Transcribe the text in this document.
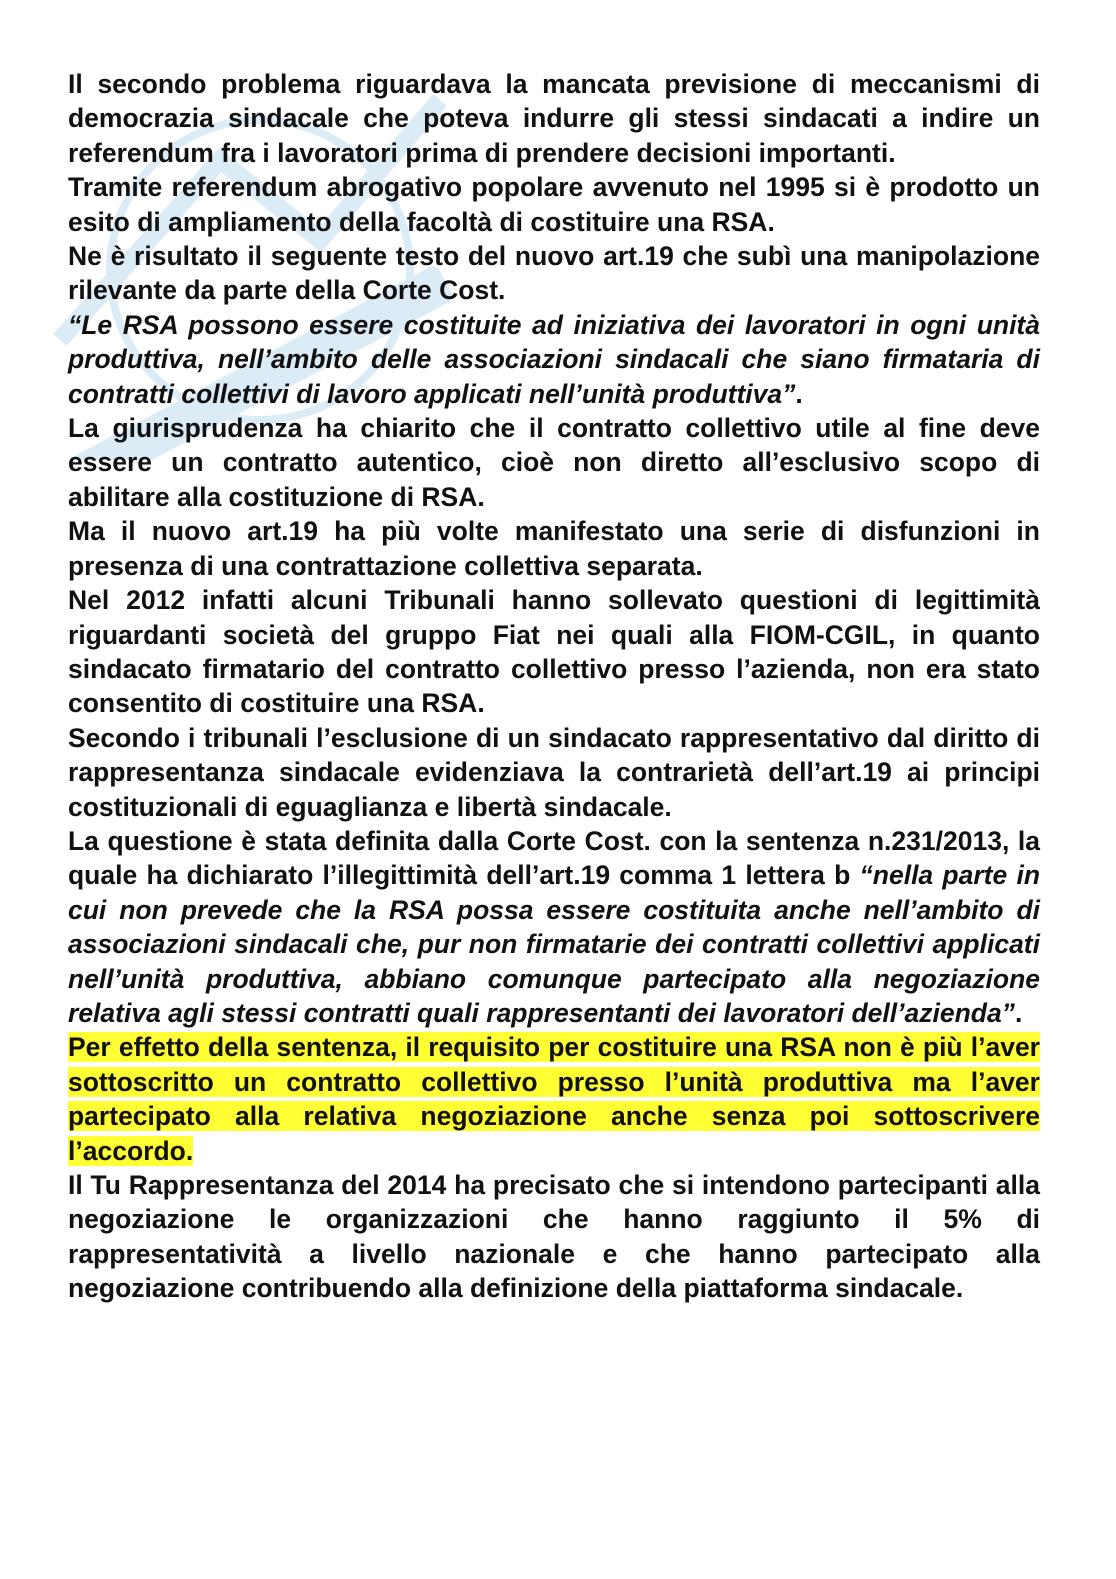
Il secondo problema riguardava la mancata previsione di meccanismi di democrazia sindacale che poteva indurre gli stessi sindacati a indire un referendum fra i lavoratori prima di prendere decisioni importanti.

Tramite referendum abrogativo popolare avvenuto nel 1995 si è prodotto un esito di ampliamento della facoltà di costituire una RSA.

Ne è risultato il seguente testo del nuovo art.19 che subì una manipolazione rilevante da parte della Corte Cost.

“Le RSA possono essere costituite ad iniziativa dei lavoratori in ogni unità produttiva, nell’ambito delle associazioni sindacali che siano firmataria di contratti collettivi di lavoro applicati nell’unità produttiva”.

La giurisprudenza ha chiarito che il contratto collettivo utile al fine deve essere un contratto autentico, cioè non diretto all’esclusivo scopo di abilitare alla costituzione di RSA.

Ma il nuovo art.19 ha più volte manifestato una serie di disfunzioni in presenza di una contrattazione collettiva separata.

Nel 2012 infatti alcuni Tribunali hanno sollevato questioni di legittimità riguardanti società del gruppo Fiat nei quali alla FIOM-CGIL, in quanto sindacato firmatario del contratto collettivo presso l’azienda, non era stato consentito di costituire una RSA.

Secondo i tribunali l’esclusione di un sindacato rappresentativo dal diritto di rappresentanza sindacale evidenziava la contrarietà dell’art.19 ai principi costituzionali di eguaglianza e libertà sindacale.

La questione è stata definita dalla Corte Cost. con la sentenza n.231/2013, la quale ha dichiarato l’illegittimità dell’art.19 comma 1 lettera b “nella parte in cui non prevede che la RSA possa essere costituita anche nell’ambito di associazioni sindacali che, pur non firmatarie dei contratti collettivi applicati nell’unità produttiva, abbiano comunque partecipato alla negoziazione relativa agli stessi contratti quali rappresentanti dei lavoratori dell’azienda”.

Per effetto della sentenza, il requisito per costituire una RSA non è più l’aver sottoscritto un contratto collettivo presso l’unità produttiva ma l’aver partecipato alla relativa negoziazione anche senza poi sottoscrivere l’accordo.

Il Tu Rappresentanza del 2014 ha precisato che si intendono partecipanti alla negoziazione le organizzazioni che hanno raggiunto il 5% di rappresentatività a livello nazionale e che hanno partecipato alla negoziazione contribuendo alla definizione della piattaforma sindacale.
